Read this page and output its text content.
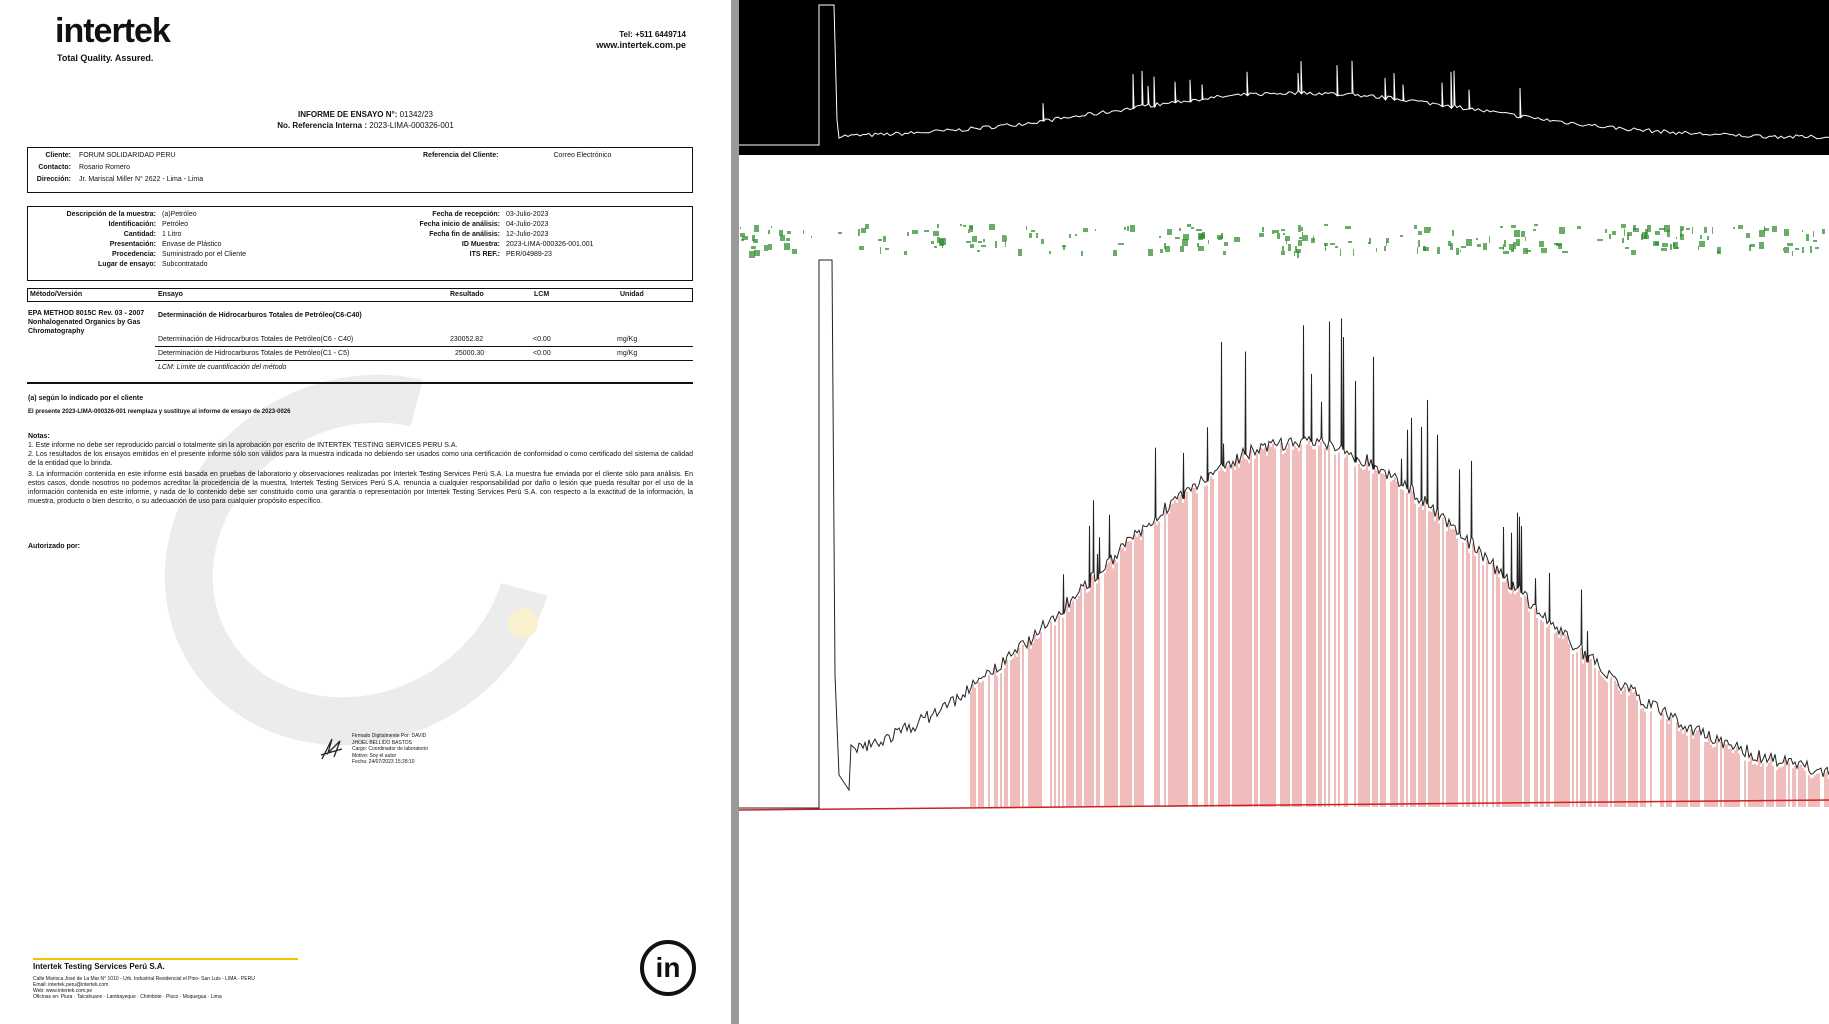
intertek
Total Quality. Assured.
Tel: +511 6449714
www.intertek.com.pe
INFORME DE ENSAYO N°: 01342/23
No. Referencia Interna : 2023-LIMA-000326-001
Cliente: FORUM SOLIDARIDAD PERU
Contacto: Rosario Romero
Dirección: Jr. Mariscal Miller N° 2622 - Lima - Lima
Referencia del Cliente:	Correo Electrónico
Descripción de la muestra: (a)Petróleo
Identificación: Petróleo
Cantidad: 1 Litro
Presentación: Envase de Plástico
Procedencia: Suministrado por el Cliente
Lugar de ensayo: Subcontratado
Fecha de recepción: 03-Julio-2023
Fecha inicio de análisis: 04-Julio-2023
Fecha fin de análisis: 12-Julio-2023
ID Muestra: 2023-LIMA-000326-001.001
ITS REF.: PER/04989-23
Método/Versión	Ensayo	Resultado	LCM	Unidad
EPA METHOD 8015C Rev. 03 - 2007 Nonhalogenated Organics by Gas Chromatography
Determinación de Hidrocarburos Totales de Petróleo(C6-C40)
Determinación de Hidrocarburos Totales de Petróleo(C6 - C40)	230052.82	<0.00	mg/Kg
Determinación de Hidrocarburos Totales de Petróleo(C1 - C5)	25000.30	<0.00	mg/Kg
LCM: Límite de cuantificación del método
(a) según lo indicado por el cliente
El presente 2023-LIMA-000326-001 reemplaza y sustituye al informe de ensayo de 2023-0026
Notas:
1. Este informe no debe ser reproducido parcial o totalmente sin la aprobación por escrito de INTERTEK TESTING SERVICES PERU S.A.
2. Los resultados de los ensayos emitidos en el presente informe sólo son válidos para la muestra indicada no debiendo ser usados como una certificación de conformidad o como certificado del sistema de calidad de la entidad que lo brinda.
3. La información contenida en este informe está basada en pruebas de laboratorio y observaciones realizadas por Intertek Testing Services Perú S.A. La muestra fue enviada por el cliente sólo para análisis. En estos casos, donde nosotros no podemos acreditar la procedencia de la muestra, Intertek Testing Services Perú S.A. renuncia a cualquier responsabilidad por daño o lesión que pueda resultar por el uso de la información contenida en este informe, y nada de lo contenido debe ser constituido como una garantía o representación por Intertek Testing Services Perú S.A. con respecto a la exactitud de la información, la muestra, producto o bien descrito, o su adecuación de uso para cualquier propósito específico.
Autorizado por:
Firmado Digitalmente Por: DAVID
JHOEL BELLIDO BASTOS
Cargo: Coordinador de laboratorio
Motivo: Soy el autor
Fecha: 24/07/2023 15:28:10
Intertek Testing Services Perú S.A.
Calle Marisca José de La Mar N° 1010 - Urb. Industrial Residencial el Pino- San Luis - LIMA - PERU
Email: intertek.peru@intertek.com
Web: www.intertek.com.pe
Oficinas en: Piura · Talcahuano · Lambayeque · Chimbote · Pisco · Moquegua · Lima
in
